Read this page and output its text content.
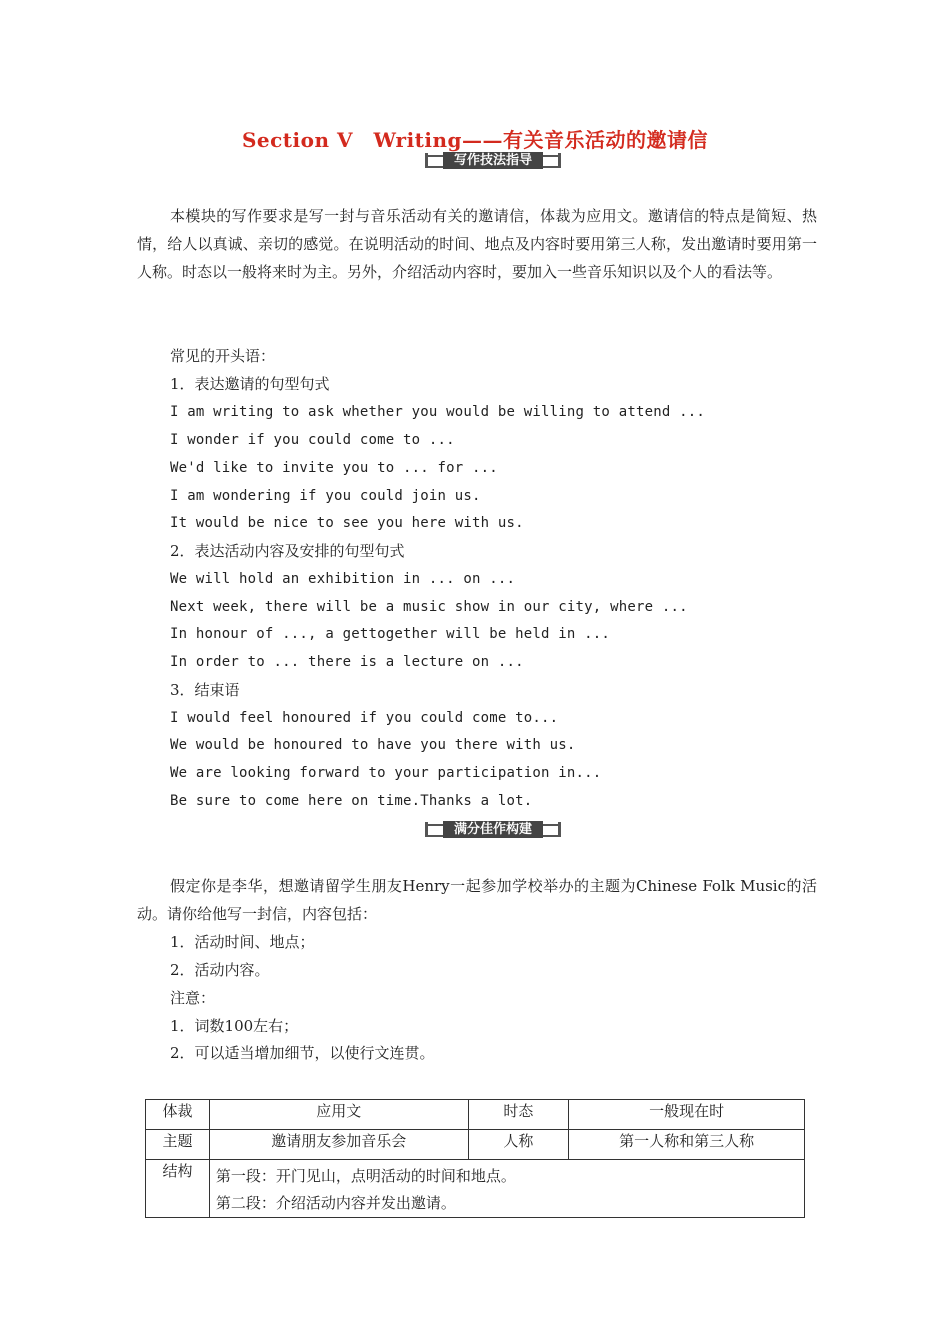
Section Ⅴ　Writing——有关音乐活动的邀请信
写作技法指导
本模块的写作要求是写一封与音乐活动有关的邀请信，体裁为应用文。邀请信的特点是简短、热情，给人以真诚、亲切的感觉。在说明活动的时间、地点及内容时要用第三人称，发出邀请时要用第一人称。时态以一般将来时为主。另外，介绍活动内容时，要加入一些音乐知识以及个人的看法等。
常见的开头语：
1．表达邀请的句型句式
I am writing to ask whether you would be willing to attend ...
I wonder if you could come to ...
We'd like to invite you to ... for ...
I am wondering if you could join us.
It would be nice to see you here with us.
2．表达活动内容及安排的句型句式
We will hold an exhibition in ... on ...
Next week, there will be a music show in our city, where ...
In honour of ..., a gettogether will be held in ...
In order to ... there is a lecture on ...
3．结束语
I would feel honoured if you could come to...
We would be honoured to have you there with us.
We are looking forward to your participation in...
Be sure to come here on time.Thanks a lot.
满分佳作构建
假定你是李华，想邀请留学生朋友Henry一起参加学校举办的主题为Chinese Folk Music的活动。请你给他写一封信，内容包括：
1．活动时间、地点；
2．活动内容。
注意：
1．词数100左右；
2．可以适当增加细节，以使行文连贯。
体裁	应用文	时态	一般现在时
主题	邀请朋友参加音乐会	人称	第一人称和第三人称
结构	第一段：开门见山，点明活动的时间和地点。
第二段：介绍活动内容并发出邀请。		
